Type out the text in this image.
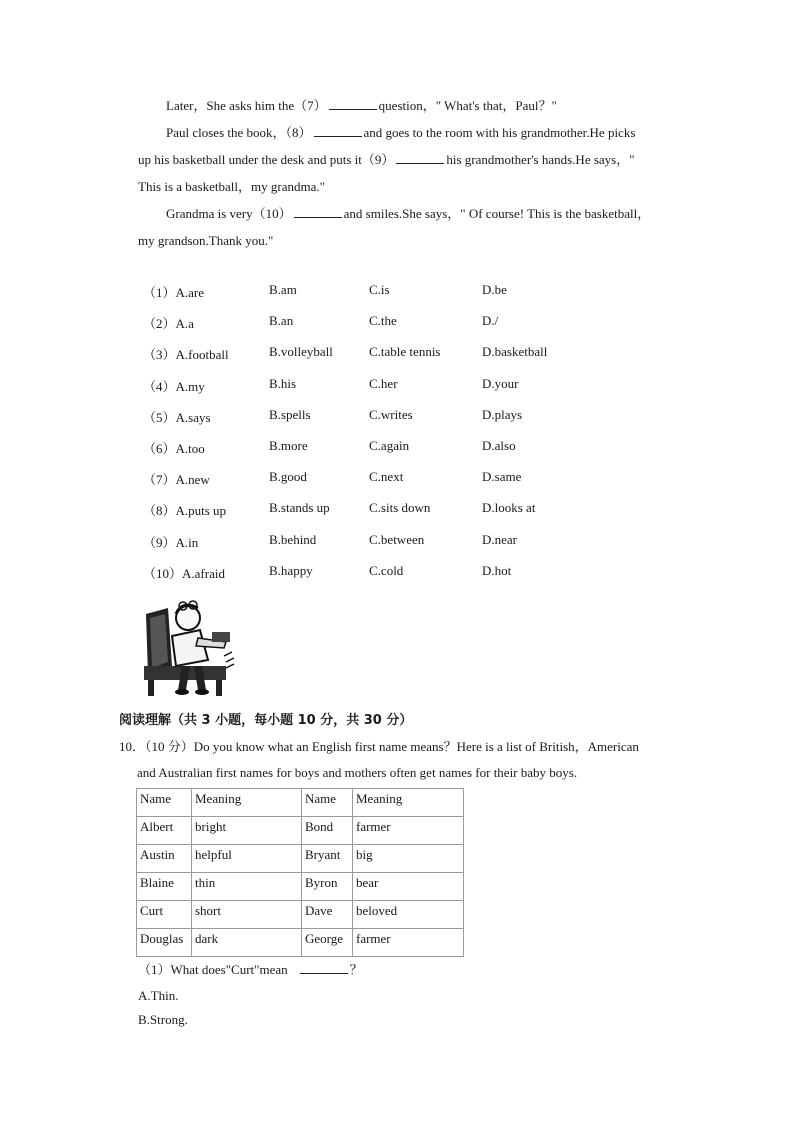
Later，She asks him the（7）	question，" What's that，Paul？"

Paul closes the book，（8）	and goes to the room with his grandmother.He picks

up his basketball under the desk and puts it（9）	his grandmother's hands.He says，"

This is a basketball，my grandma."

Grandma is very（10）	and smiles.She says，" Of course! This is the basketball，

my grandson.Thank you."

（1）A.are	B.am	C.is	D.be
（2）A.a	B.an	C.the	D./
（3）A.football	B.volleyball	C.table tennis	D.basketball
（4）A.my	B.his	C.her	D.your
（5）A.says	B.spells	C.writes	D.plays
（6）A.too	B.more	C.again	D.also
（7）A.new	B.good	C.next	D.same
（8）A.puts up	B.stands up	C.sits down	D.looks at
（9）A.in	B.behind	C.between	D.near
（10）A.afraid	B.happy	C.cold	D.hot
阅读理解（共 3 小题，每小题 10 分，共 30 分）
10．（10 分）Do you know what an English first name means？Here is a list of British，American
and Australian first names for boys and mothers often get names for their baby boys.
Name	Meaning	Name	Meaning
Albert	bright	Bond	farmer
Austin	helpful	Bryant	big
Blaine	thin	Byron	bear
Curt	short	Dave	beloved
Douglas	dark	George	farmer
（1）What does"Curt"mean	？
A.Thin.
B.Strong.
